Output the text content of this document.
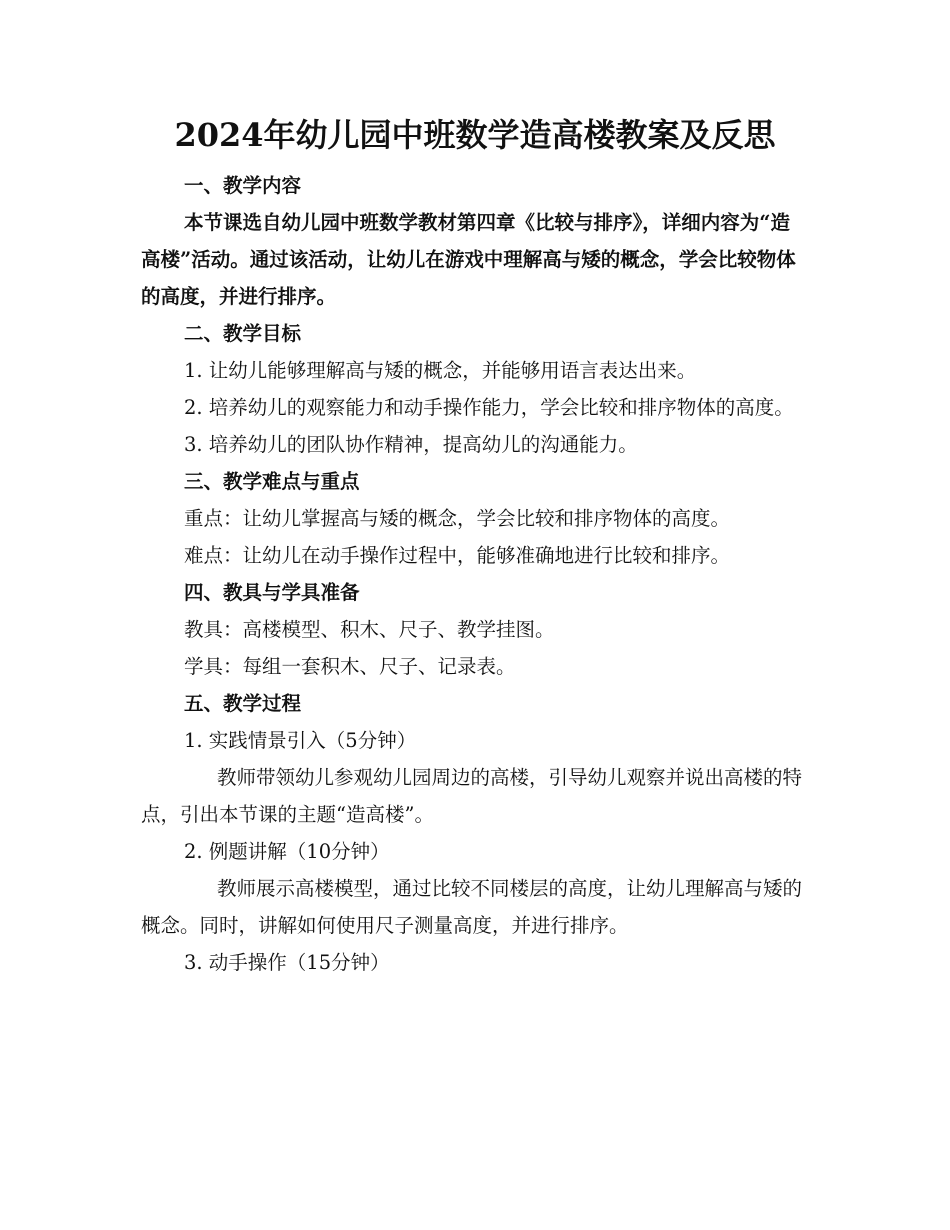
2024年幼儿园中班数学造高楼教案及反思

一、教学内容

本节课选自幼儿园中班数学教材第四章《比较与排序》，详细内容为“造高楼”活动。通过该活动，让幼儿在游戏中理解高与矮的概念，学会比较物体的高度，并进行排序。

二、教学目标

1. 让幼儿能够理解高与矮的概念，并能够用语言表达出来。

2. 培养幼儿的观察能力和动手操作能力，学会比较和排序物体的高度。

3. 培养幼儿的团队协作精神，提高幼儿的沟通能力。

三、教学难点与重点

重点：让幼儿掌握高与矮的概念，学会比较和排序物体的高度。

难点：让幼儿在动手操作过程中，能够准确地进行比较和排序。

四、教具与学具准备

教具：高楼模型、积木、尺子、教学挂图。

学具：每组一套积木、尺子、记录表。

五、教学过程

1. 实践情景引入（5分钟）

教师带领幼儿参观幼儿园周边的高楼，引导幼儿观察并说出高楼的特点，引出本节课的主题“造高楼”。

2. 例题讲解（10分钟）

教师展示高楼模型，通过比较不同楼层的高度，让幼儿理解高与矮的概念。同时，讲解如何使用尺子测量高度，并进行排序。

3. 动手操作（15分钟）
